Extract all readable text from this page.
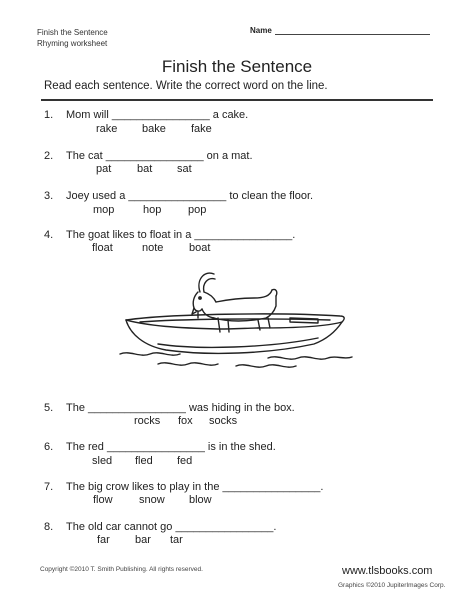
Finish the Sentence
Rhyming worksheet
Name
Finish the Sentence
Read each sentence. Write the correct word on the line.
1. Mom will ________________ a cake.
rake bake fake
2. The cat ________________ on a mat.
pat bat sat
3. Joey used a ________________ to clean the floor.
mop	hop pop
4. The goat likes to float in a ________________.
float	note boat
5. The ________________ was hiding in the box.
rocks fox socks
6. The red ________________ is in the shed.
sled fled fed
7. The big crow likes to play in the ________________.
flow snow blow
8. The old car cannot go ________________.
far bar tar
Copyright ©2010 T. Smith Publishing. All rights reserved.	www.tlsbooks.com
Graphics ©2010 JupiterImages Corp.
